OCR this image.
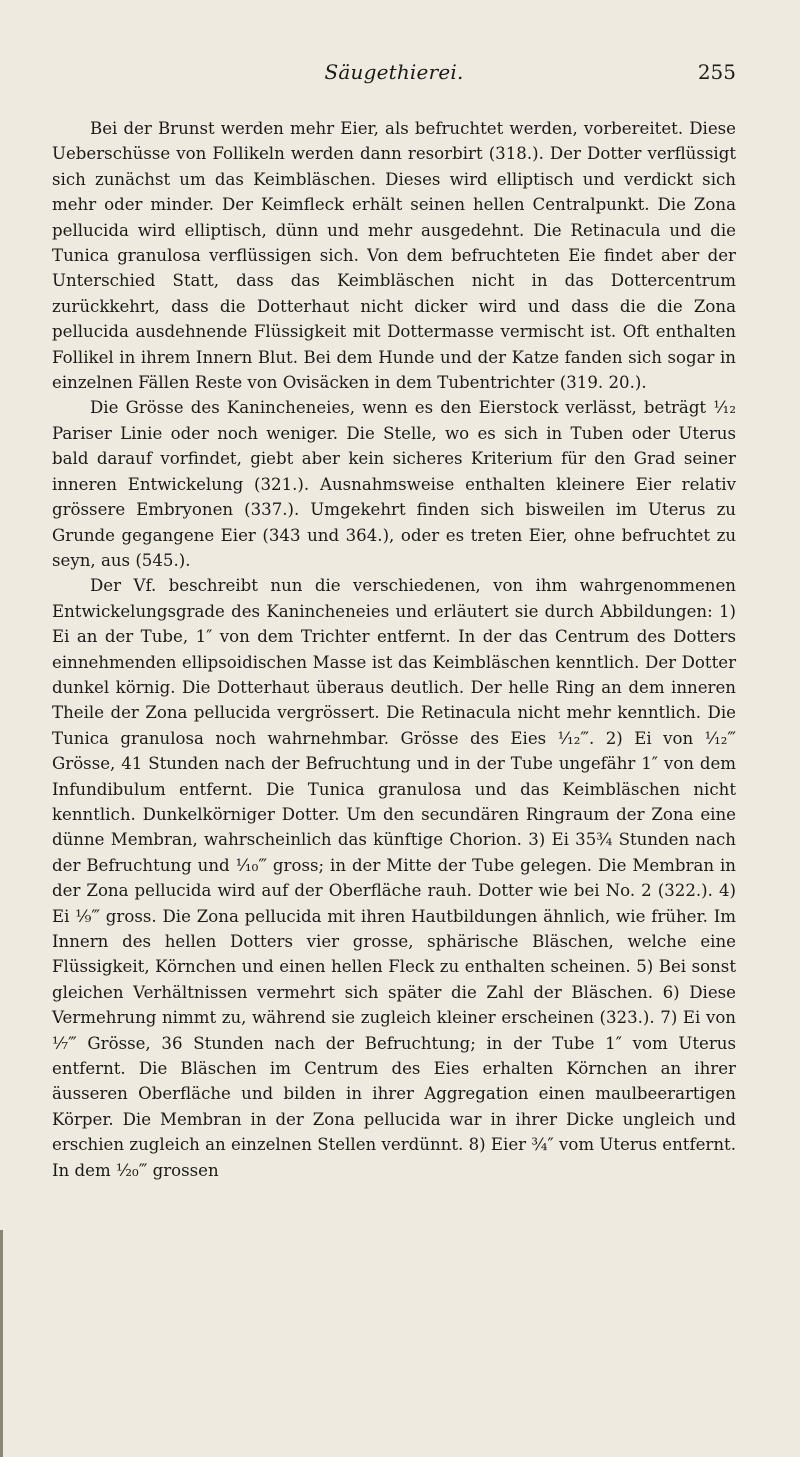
Säugethierei.	255

Bei der Brunst werden mehr Eier, als befruchtet werden, vorbereitet. Diese Ueberschüsse von Follikeln werden dann resorbirt (318.). Der Dotter verflüssigt sich zunächst um das Keimbläschen. Dieses wird elliptisch und verdickt sich mehr oder minder. Der Keimfleck erhält seinen hellen Centralpunkt. Die Zona pellucida wird elliptisch, dünn und mehr ausgedehnt. Die Retinacula und die Tunica granulosa verflüssigen sich. Von dem befruchteten Eie findet aber der Unterschied Statt, dass das Keimbläschen nicht in das Dottercentrum zurückkehrt, dass die Dotterhaut nicht dicker wird und dass die die Zona pellucida ausdehnende Flüssigkeit mit Dottermasse vermischt ist. Oft enthalten Follikel in ihrem Innern Blut. Bei dem Hunde und der Katze fanden sich sogar in einzelnen Fällen Reste von Ovisäcken in dem Tubentrichter (319. 20.).

Die Grösse des Kanincheneies, wenn es den Eierstock verlässt, beträgt ¹⁄₁₂ Pariser Linie oder noch weniger. Die Stelle, wo es sich in Tuben oder Uterus bald darauf vorfindet, giebt aber kein sicheres Kriterium für den Grad seiner inneren Entwickelung (321.). Ausnahmsweise enthalten kleinere Eier relativ grössere Embryonen (337.). Umgekehrt finden sich bisweilen im Uterus zu Grunde gegangene Eier (343 und 364.), oder es treten Eier, ohne befruchtet zu seyn, aus (545.).

Der Vf. beschreibt nun die verschiedenen, von ihm wahrgenommenen Entwickelungsgrade des Kanincheneies und erläutert sie durch Abbildungen: 1) Ei an der Tube, 1″ von dem Trichter entfernt. In der das Centrum des Dotters einnehmenden ellipsoidischen Masse ist das Keimbläschen kenntlich. Der Dotter dunkel körnig. Die Dotterhaut überaus deutlich. Der helle Ring an dem inneren Theile der Zona pellucida vergrössert. Die Retinacula nicht mehr kenntlich. Die Tunica granulosa noch wahrnehmbar. Grösse des Eies ¹⁄₁₂‴. 2) Ei von ¹⁄₁₂‴ Grösse, 41 Stunden nach der Befruchtung und in der Tube ungefähr 1″ von dem Infundibulum entfernt. Die Tunica granulosa und das Keimbläschen nicht kenntlich. Dunkelkörniger Dotter. Um den secundären Ringraum der Zona eine dünne Membran, wahrscheinlich das künftige Chorion. 3) Ei 35¾ Stunden nach der Befruchtung und ¹⁄₁₀‴ gross; in der Mitte der Tube gelegen. Die Membran in der Zona pellucida wird auf der Oberfläche rauh. Dotter wie bei No. 2 (322.). 4) Ei ¹⁄₉‴ gross. Die Zona pellucida mit ihren Hautbildungen ähnlich, wie früher. Im Innern des hellen Dotters vier grosse, sphärische Bläschen, welche eine Flüssigkeit, Körnchen und einen hellen Fleck zu enthalten scheinen. 5) Bei sonst gleichen Verhältnissen vermehrt sich später die Zahl der Bläschen. 6) Diese Vermehrung nimmt zu, während sie zugleich kleiner erscheinen (323.). 7) Ei von ¹⁄₇‴ Grösse, 36 Stunden nach der Befruchtung; in der Tube 1″ vom Uterus entfernt. Die Bläschen im Centrum des Eies erhalten Körnchen an ihrer äusseren Oberfläche und bilden in ihrer Aggregation einen maulbeerartigen Körper. Die Membran in der Zona pellucida war in ihrer Dicke ungleich und erschien zugleich an einzelnen Stellen verdünnt. 8) Eier ¾″ vom Uterus entfernt. In dem ¹⁄₂₀‴ grossen
